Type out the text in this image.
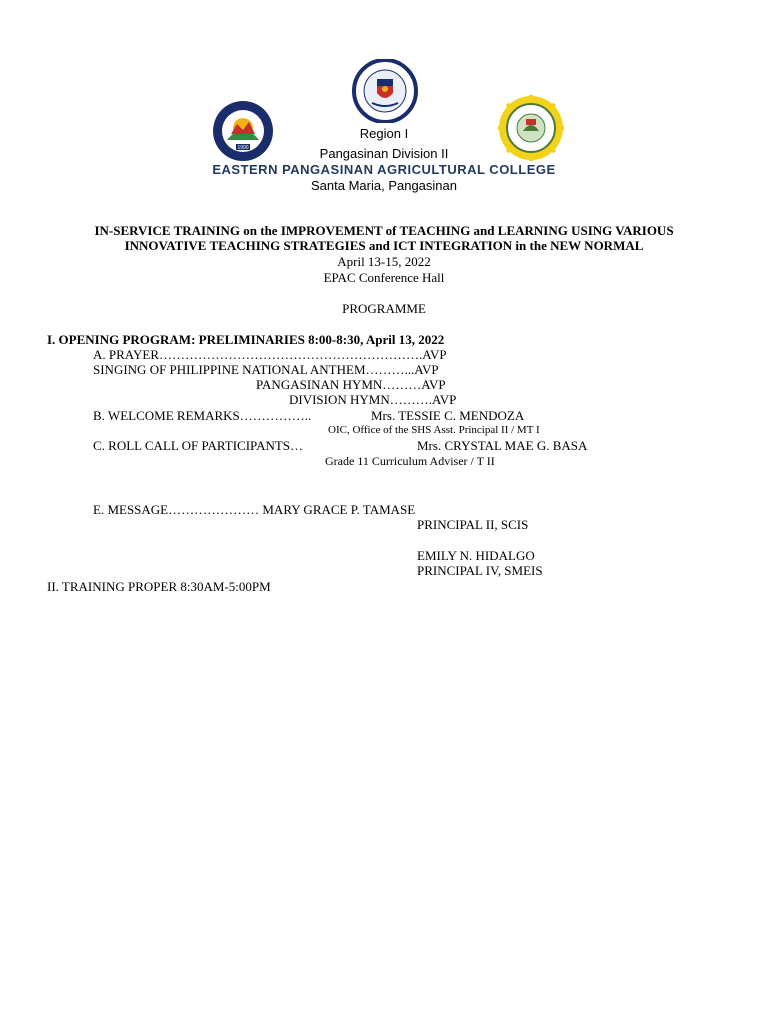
1990
Region I
Pangasinan Division II
EASTERN PANGASINAN AGRICULTURAL COLLEGE
Santa Maria, Pangasinan
IN-SERVICE TRAINING on the IMPROVEMENT of TEACHING and LEARNING USING VARIOUS
INNOVATIVE TEACHING STRATEGIES and ICT INTEGRATION in the NEW NORMAL
April 13-15, 2022
EPAC Conference Hall
PROGRAMME
I. OPENING PROGRAM: PRELIMINARIES 8:00-8:30, April 13, 2022
A. PRAYER…………………………………………………….AVP
SINGING OF PHILIPPINE NATIONAL ANTHEM………...AVP
PANGASINAN HYMN………AVP
DIVISION HYMN……….AVP
B. WELCOME REMARKS……………..	Mrs. TESSIE C. MENDOZA
OIC, Office of the SHS Asst. Principal II / MT I
C. ROLL CALL OF PARTICIPANTS…	Mrs. CRYSTAL MAE G. BASA
Grade 11 Curriculum Adviser / T II
E. MESSAGE………………… MARY GRACE P. TAMASE
PRINCIPAL II, SCIS
EMILY N. HIDALGO
PRINCIPAL IV, SMEIS
II. TRAINING PROPER 8:30AM-5:00PM
